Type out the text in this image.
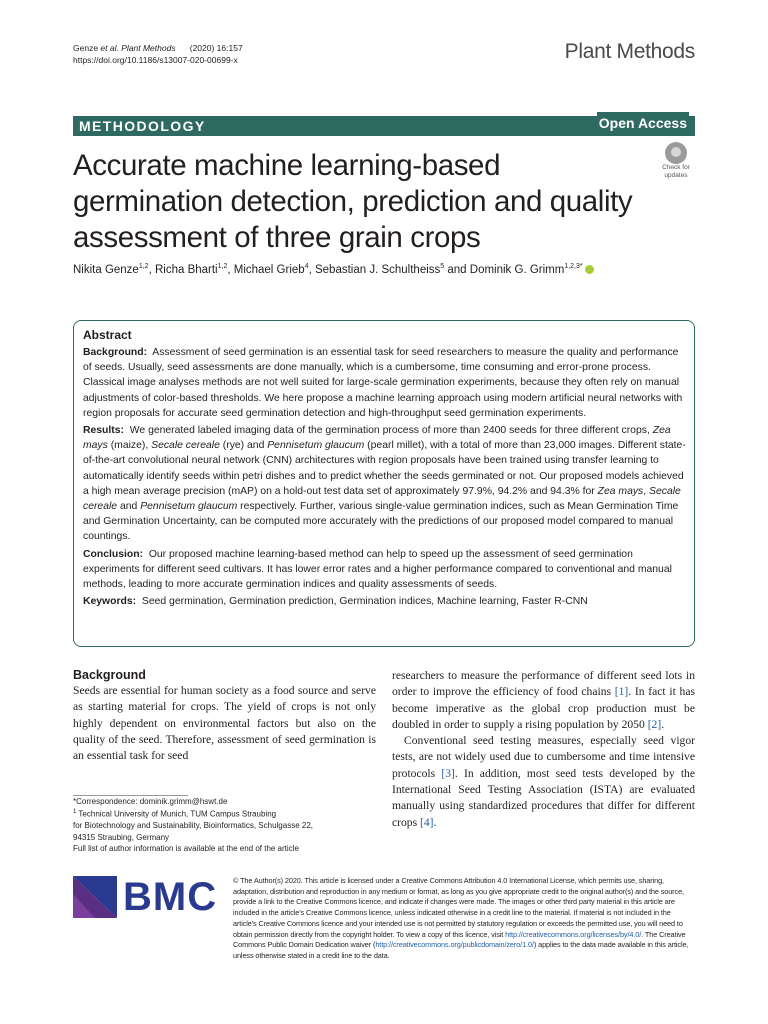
Genze et al. Plant Methods (2020) 16:157
https://doi.org/10.1186/s13007-020-00699-x	Plant Methods
METHODOLOGY	Open Access
Accurate machine learning-based
germination detection, prediction and quality
assessment of three grain crops
Check for
updates
Nikita Genze$^{1,2}$, Richa Bharti$^{1,2}$, Michael Grieb$^4$, Sebastian J. Schultheiss$^5$ and Dominik G. Grimm$^{1,2,3*}$
Abstract

Background: Assessment of seed germination is an essential task for seed researchers to measure the quality and performance of seeds. Usually, seed assessments are done manually, which is a cumbersome, time consuming and error-prone process. Classical image analyses methods are not well suited for large-scale germination experiments, because they often rely on manual adjustments of color-based thresholds. We here propose a machine learning approach using modern artificial neural networks with region proposals for accurate seed germination detection and high-throughput seed germination experiments.

Results: We generated labeled imaging data of the germination process of more than 2400 seeds for three different crops, Zea mays (maize), Secale cereale (rye) and Pennisetum glaucum (pearl millet), with a total of more than 23,000 images. Different state-of-the-art convolutional neural network (CNN) architectures with region proposals have been trained using transfer learning to automatically identify seeds within petri dishes and to predict whether the seeds germinated or not. Our proposed models achieved a high mean average precision (mAP) on a hold-out test data set of approximately 97.9%, 94.2% and 94.3% for Zea mays, Secale cereale and Pennisetum glaucum respectively. Further, various single-value germination indices, such as Mean Germination Time and Germination Uncertainty, can be computed more accurately with the predictions of our proposed model compared to manual countings.

Conclusion: Our proposed machine learning-based method can help to speed up the assessment of seed germination experiments for different seed cultivars. It has lower error rates and a higher performance compared to conventional and manual methods, leading to more accurate germination indices and quality assessments of seeds.

Keywords: Seed germination, Germination prediction, Germination indices, Machine learning, Faster R-CNN

Background

Seeds are essential for human society as a food source and serve as starting material for crops. The yield of crops is not only highly dependent on environmental factors but also on the quality of the seed. Therefore, assessment of seed germination is an essential task for seed

researchers to measure the performance of different seed lots in order to improve the efficiency of food chains [1]. In fact it has become imperative as the global crop production must be doubled in order to supply a rising population by 2050 [2].

Conventional seed testing measures, especially seed vigor tests, are not widely used due to cumbersome and time intensive protocols [3]. In addition, most seed tests developed by the International Seed Testing Association (ISTA) are evaluated manually using standardized procedures that differ for different crops [4].

*Correspondence: dominik.grimm@hswt.de
$^1$ Technical University of Munich, TUM Campus Straubing
for Biotechnology and Sustainability, Bioinformatics, Schulgasse 22,
94315 Straubing, Germany
Full list of author information is available at the end of the article
BMC © The Author(s) 2020. This article is licensed under a Creative Commons Attribution 4.0 International License, which permits use, sharing, adaptation, distribution and reproduction in any medium or format, as long as you give appropriate credit to the original author(s) and the source, provide a link to the Creative Commons licence, and indicate if changes were made. The images or other third party material in this article are included in the article's Creative Commons licence, unless indicated otherwise in a credit line to the material. If material is not included in the article's Creative Commons licence and your intended use is not permitted by statutory regulation or exceeds the permitted use, you will need to obtain permission directly from the copyright holder. To view a copy of this licence, visit http://creativecommons.org/licenses/by/4.0/. The Creative Commons Public Domain Dedication waiver (http://creativecommons.org/publicdomain/zero/1.0/) applies to the data made available in this article, unless otherwise stated in a credit line to the data.
